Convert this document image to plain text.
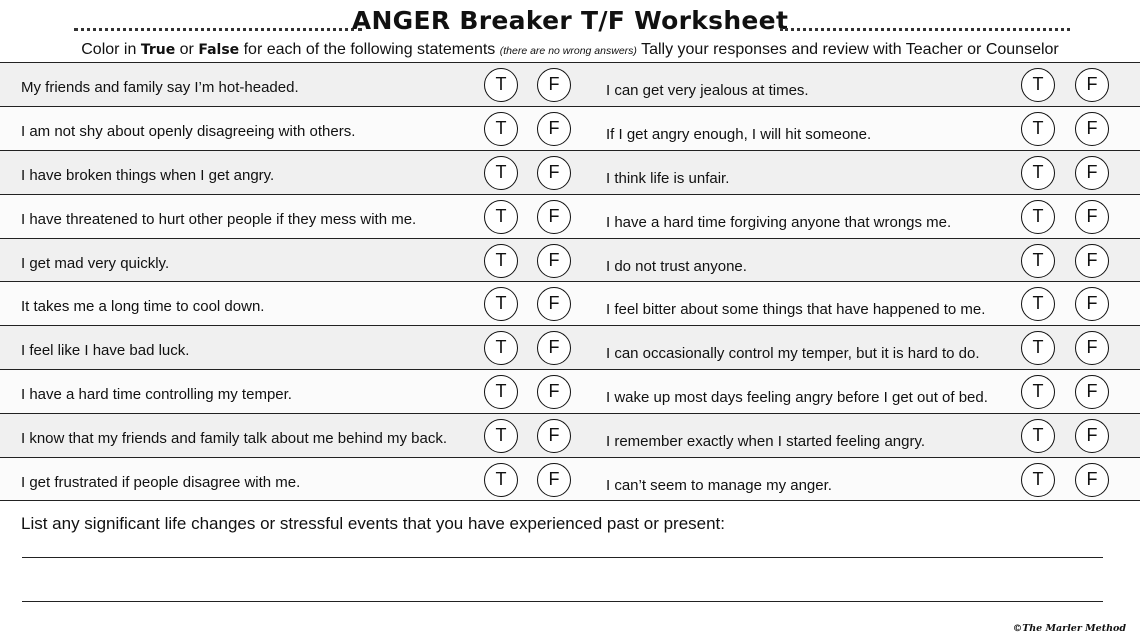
ANGER Breaker T/F Worksheet
Color in True or False for each of the following statements (there are no wrong answers) Tally your responses and review with Teacher or Counselor
My friends and family say I’m hot-headed.	T	F	I can get very jealous at times.	T	F
I am not shy about openly disagreeing with others.	T	F	If I get angry enough, I will hit someone.	T	F
I have broken things when I get angry.	T	F	I think life is unfair.	T	F
I have threatened to hurt other people if they mess with me.	T	F	I have a hard time forgiving anyone that wrongs me.	T	F
I get mad very quickly.	T	F	I do not trust anyone.	T	F
It takes me a long time to cool down.	T	F	I feel bitter about some things that have happened to me.	T	F
I feel like I have bad luck.	T	F	I can occasionally control my temper, but it is hard to do.	T	F
I have a hard time controlling my temper.	T	F	I wake up most days feeling angry before I get out of bed.	T	F
I know that my friends and family talk about me behind my back.	T	F	I remember exactly when I started feeling angry.	T	F
I get frustrated if people disagree with me.	T	F	I can’t seem to manage my anger.	T	F
List any significant life changes or stressful events that you have experienced past or present:
©The Marler Method
